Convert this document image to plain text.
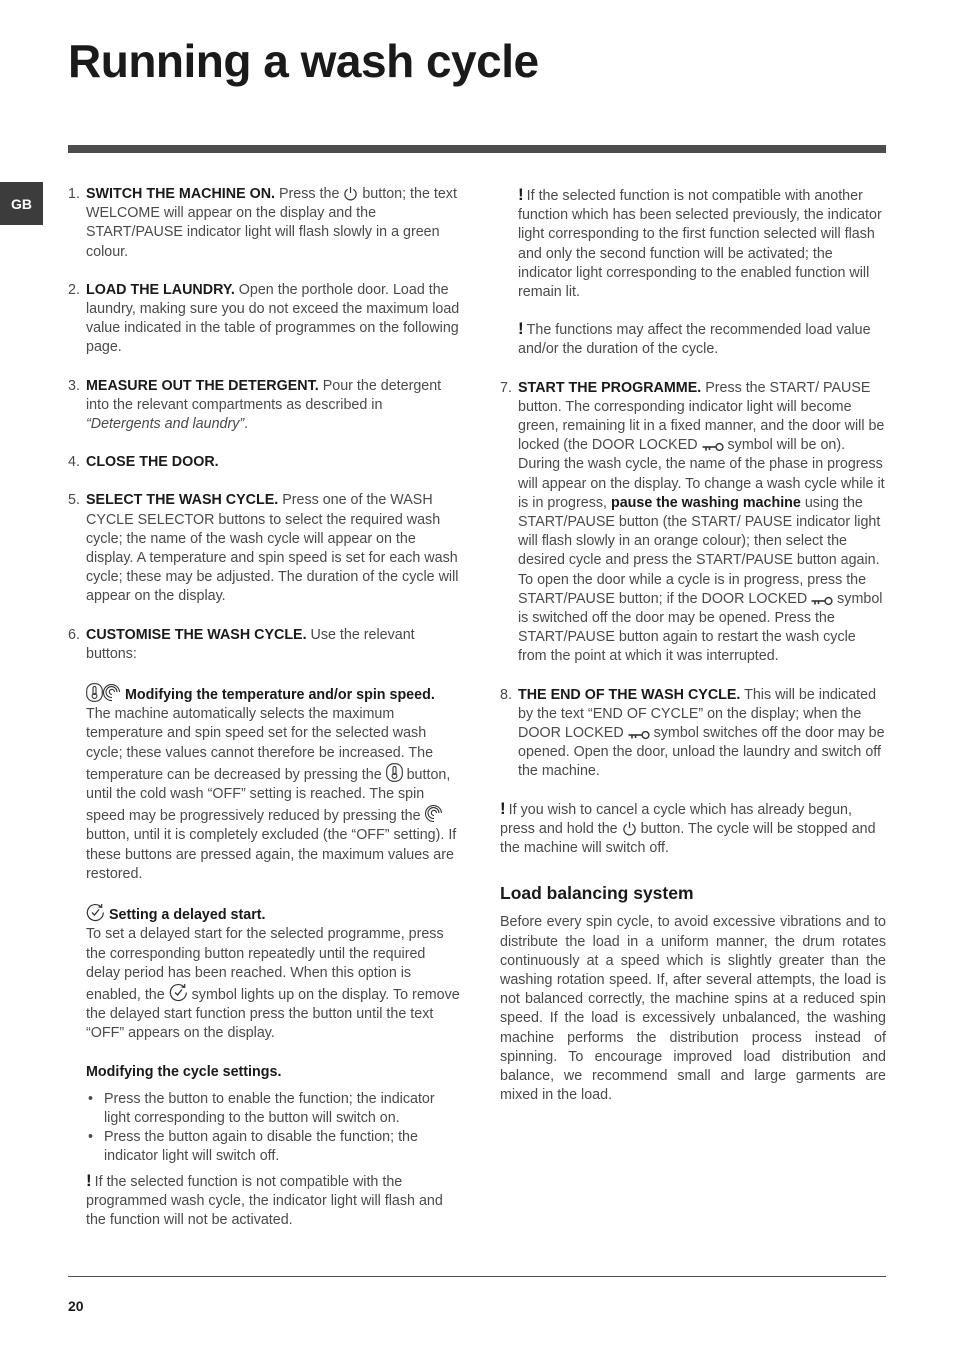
Running a wash cycle
GB
1. SWITCH THE MACHINE ON. Press the  button; the text WELCOME will appear on the display and the START/PAUSE indicator light will flash slowly in a green colour.
2. LOAD THE LAUNDRY. Open the porthole door. Load the laundry, making sure you do not exceed the maximum load value indicated in the table of programmes on the following page.
3. MEASURE OUT THE DETERGENT. Pour the detergent into the relevant compartments as described in “Detergents and laundry”.
4. CLOSE THE DOOR.
5. SELECT THE WASH CYCLE. Press one of the WASH CYCLE SELECTOR buttons to select the required wash cycle; the name of the wash cycle will appear on the display. A temperature and spin speed is set for each wash cycle; these may be adjusted. The duration of the cycle will appear on the display.
6. CUSTOMISE THE WASH CYCLE. Use the relevant buttons:
Modifying the temperature and/or spin speed. The machine automatically selects the maximum temperature and spin speed set for the selected wash cycle; these values cannot therefore be increased. The temperature can be decreased by pressing the  button, until the cold wash “OFF” setting is reached. The spin speed may be progressively reduced by pressing the  button, until it is completely excluded (the “OFF” setting). If these buttons are pressed again, the maximum values are restored.
Setting a delayed start.
To set a delayed start for the selected programme, press the corresponding button repeatedly until the required delay period has been reached. When this option is enabled, the  symbol lights up on the display. To remove the delayed start function press the button until the text “OFF” appears on the display.
Modifying the cycle settings.
• Press the button to enable the function; the indicator light corresponding to the button will switch on.
• Press the button again to disable the function; the indicator light will switch off.
! If the selected function is not compatible with the programmed wash cycle, the indicator light will flash and the function will not be activated.
! If the selected function is not compatible with another function which has been selected previously, the indicator light corresponding to the first function selected will flash and only the second function will be activated; the indicator light corresponding to the enabled function will remain lit.
! The functions may affect the recommended load value and/or the duration of the cycle.
7. START THE PROGRAMME. Press the START/ PAUSE button. The corresponding indicator light will become green, remaining lit in a fixed manner, and the door will be locked (the DOOR LOCKED  symbol will be on). During the wash cycle, the name of the phase in progress will appear on the display. To change a wash cycle while it is in progress, pause the washing machine using the START/PAUSE button (the START/ PAUSE indicator light will flash slowly in an orange colour); then select the desired cycle and press the START/PAUSE button again.
To open the door while a cycle is in progress, press the START/PAUSE button; if the DOOR LOCKED  symbol is switched off the door may be opened. Press the START/PAUSE button again to restart the wash cycle from the point at which it was interrupted.
8. THE END OF THE WASH CYCLE. This will be indicated by the text “END OF CYCLE” on the display; when the DOOR LOCKED  symbol switches off the door may be opened. Open the door, unload the laundry and switch off the machine.
! If you wish to cancel a cycle which has already begun, press and hold the  button. The cycle will be stopped and the machine will switch off.
Load balancing system
Before every spin cycle, to avoid excessive vibrations and to distribute the load in a uniform manner, the drum rotates continuously at a speed which is slightly greater than the washing rotation speed. If, after several attempts, the load is not balanced correctly, the machine spins at a reduced spin speed. If the load is excessively unbalanced, the washing machine performs the distribution process instead of spinning. To encourage improved load distribution and balance, we recommend small and large garments are mixed in the load.
20
